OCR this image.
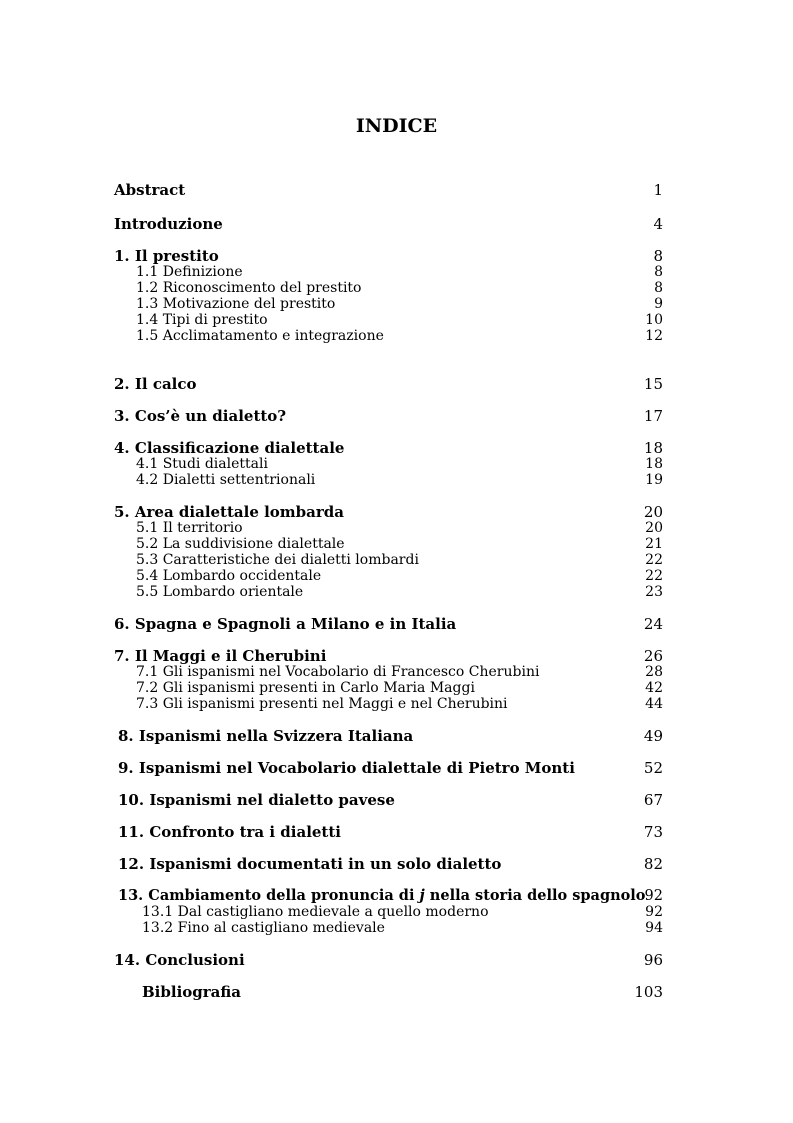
INDICE
Abstract	1
Introduzione	4
1. Il prestito	8
1.1 Definizione	8
1.2 Riconoscimento del prestito	8
1.3 Motivazione del prestito	9
1.4 Tipi di prestito	10
1.5 Acclimatamento e integrazione	12
2. Il calco	15
3. Cos’è un dialetto?	17
4. Classificazione dialettale	18
4.1 Studi dialettali	18
4.2 Dialetti settentrionali	19
5. Area dialettale lombarda	20
5.1 Il territorio	20
5.2 La suddivisione dialettale	21
5.3 Caratteristiche dei dialetti lombardi	22
5.4 Lombardo occidentale	22
5.5 Lombardo orientale	23
6. Spagna e Spagnoli a Milano e in Italia	24
7. Il Maggi e il Cherubini	26
7.1 Gli ispanismi nel Vocabolario di Francesco Cherubini	28
7.2 Gli ispanismi presenti in Carlo Maria Maggi	42
7.3 Gli ispanismi presenti nel Maggi e nel Cherubini	44
8. Ispanismi nella Svizzera Italiana	49
9. Ispanismi nel Vocabolario dialettale di Pietro Monti	52
10. Ispanismi nel dialetto pavese	67
11. Confronto tra i dialetti	73
12. Ispanismi documentati in un solo dialetto	82
13. Cambiamento della pronuncia di j nella storia dello spagnolo 92
13.1 Dal castigliano medievale a quello moderno	92
13.2 Fino al castigliano medievale	94
14. Conclusioni	96
Bibliografia	103
